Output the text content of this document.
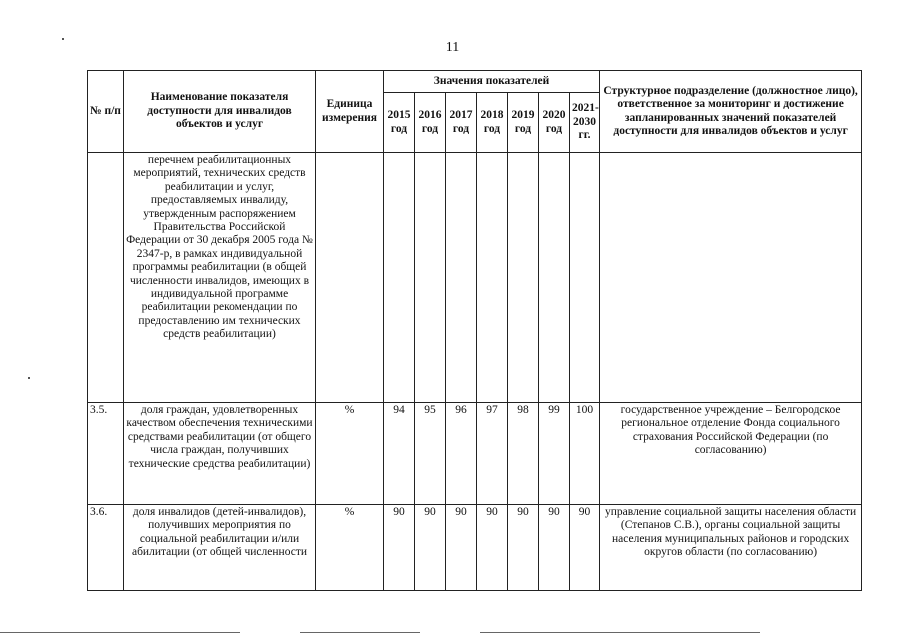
11
№ п/п	Наименование показателя доступности для инвалидов объектов и услуг	Единица измерения	Значения показателей							Структурное подразделение (должностное лицо), ответственное за мониторинг и достижение запланированных значений показателей доступности для инвалидов объектов и услуг
			2015 год	2016 год	2017 год	2018 год	2019 год	2020 год	2021-2030 гг.	
	перечнем реабилитационных мероприятий, технических средств реабилитации и услуг, предоставляемых инвалиду, утвержденным распоряжением Правительства Российской Федерации от 30 декабря 2005 года № 2347-р, в рамках индивидуальной программы реабилитации (в общей численности инвалидов, имеющих в индивидуальной программе реабилитации рекомендации по предоставлению им технических средств реабилитации)									
3.5.	доля граждан, удовлетворенных качеством обеспечения техническими средствами реабилитации (от общего числа граждан, получивших технические средства реабилитации)	%	94	95	96	97	98	99	100	государственное учреждение – Белгородское региональное отделение Фонда социального страхования Российской Федерации (по согласованию)
3.6.	доля инвалидов (детей-инвалидов), получивших мероприятия по социальной реабилитации и/или абилитации (от общей численности	%	90	90	90	90	90	90	90	управление социальной защиты населения области (Степанов С.В.), органы социальной защиты населения муниципальных районов и городских округов области (по согласованию)
